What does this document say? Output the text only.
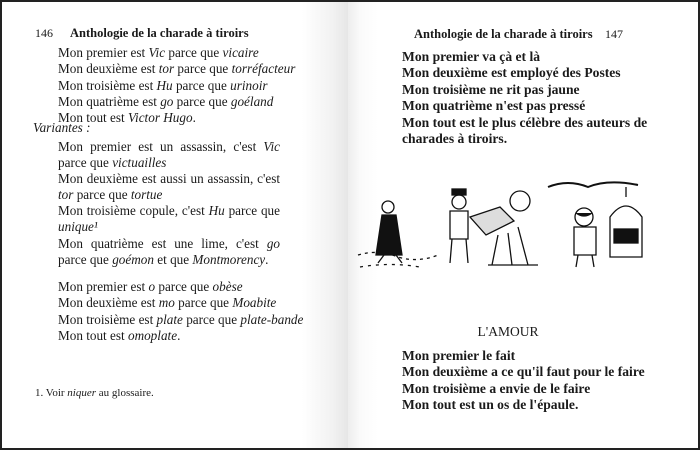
146 Anthologie de la charade à tiroirs
Mon premier est Vic parce que vicaire
Mon deuxième est tor parce que torréfacteur
Mon troisième est Hu parce que urinoir
Mon quatrième est go parce que goéland
Mon tout est Victor Hugo.
Variantes :
Mon premier est un assassin, c'est Vic parce que victuailles
Mon deuxième est aussi un assassin, c'est tor parce que tortue
Mon troisième copule, c'est Hu parce que unique¹
Mon quatrième est une lime, c'est go parce que goémon et que Montmorency.
Mon premier est o parce que obèse
Mon deuxième est mo parce que Moabite
Mon troisième est plate parce que plate-bande
Mon tout est omoplate.
1. Voir niquer au glossaire.
Anthologie de la charade à tiroirs 147
Mon premier va çà et là
Mon deuxième est employé des Postes
Mon troisième ne rit pas jaune
Mon quatrième n'est pas pressé
Mon tout est le plus célèbre des auteurs de
charades à tiroirs.
L'AMOUR
Mon premier le fait
Mon deuxième a ce qu'il faut pour le faire
Mon troisième a envie de le faire
Mon tout est un os de l'épaule.
